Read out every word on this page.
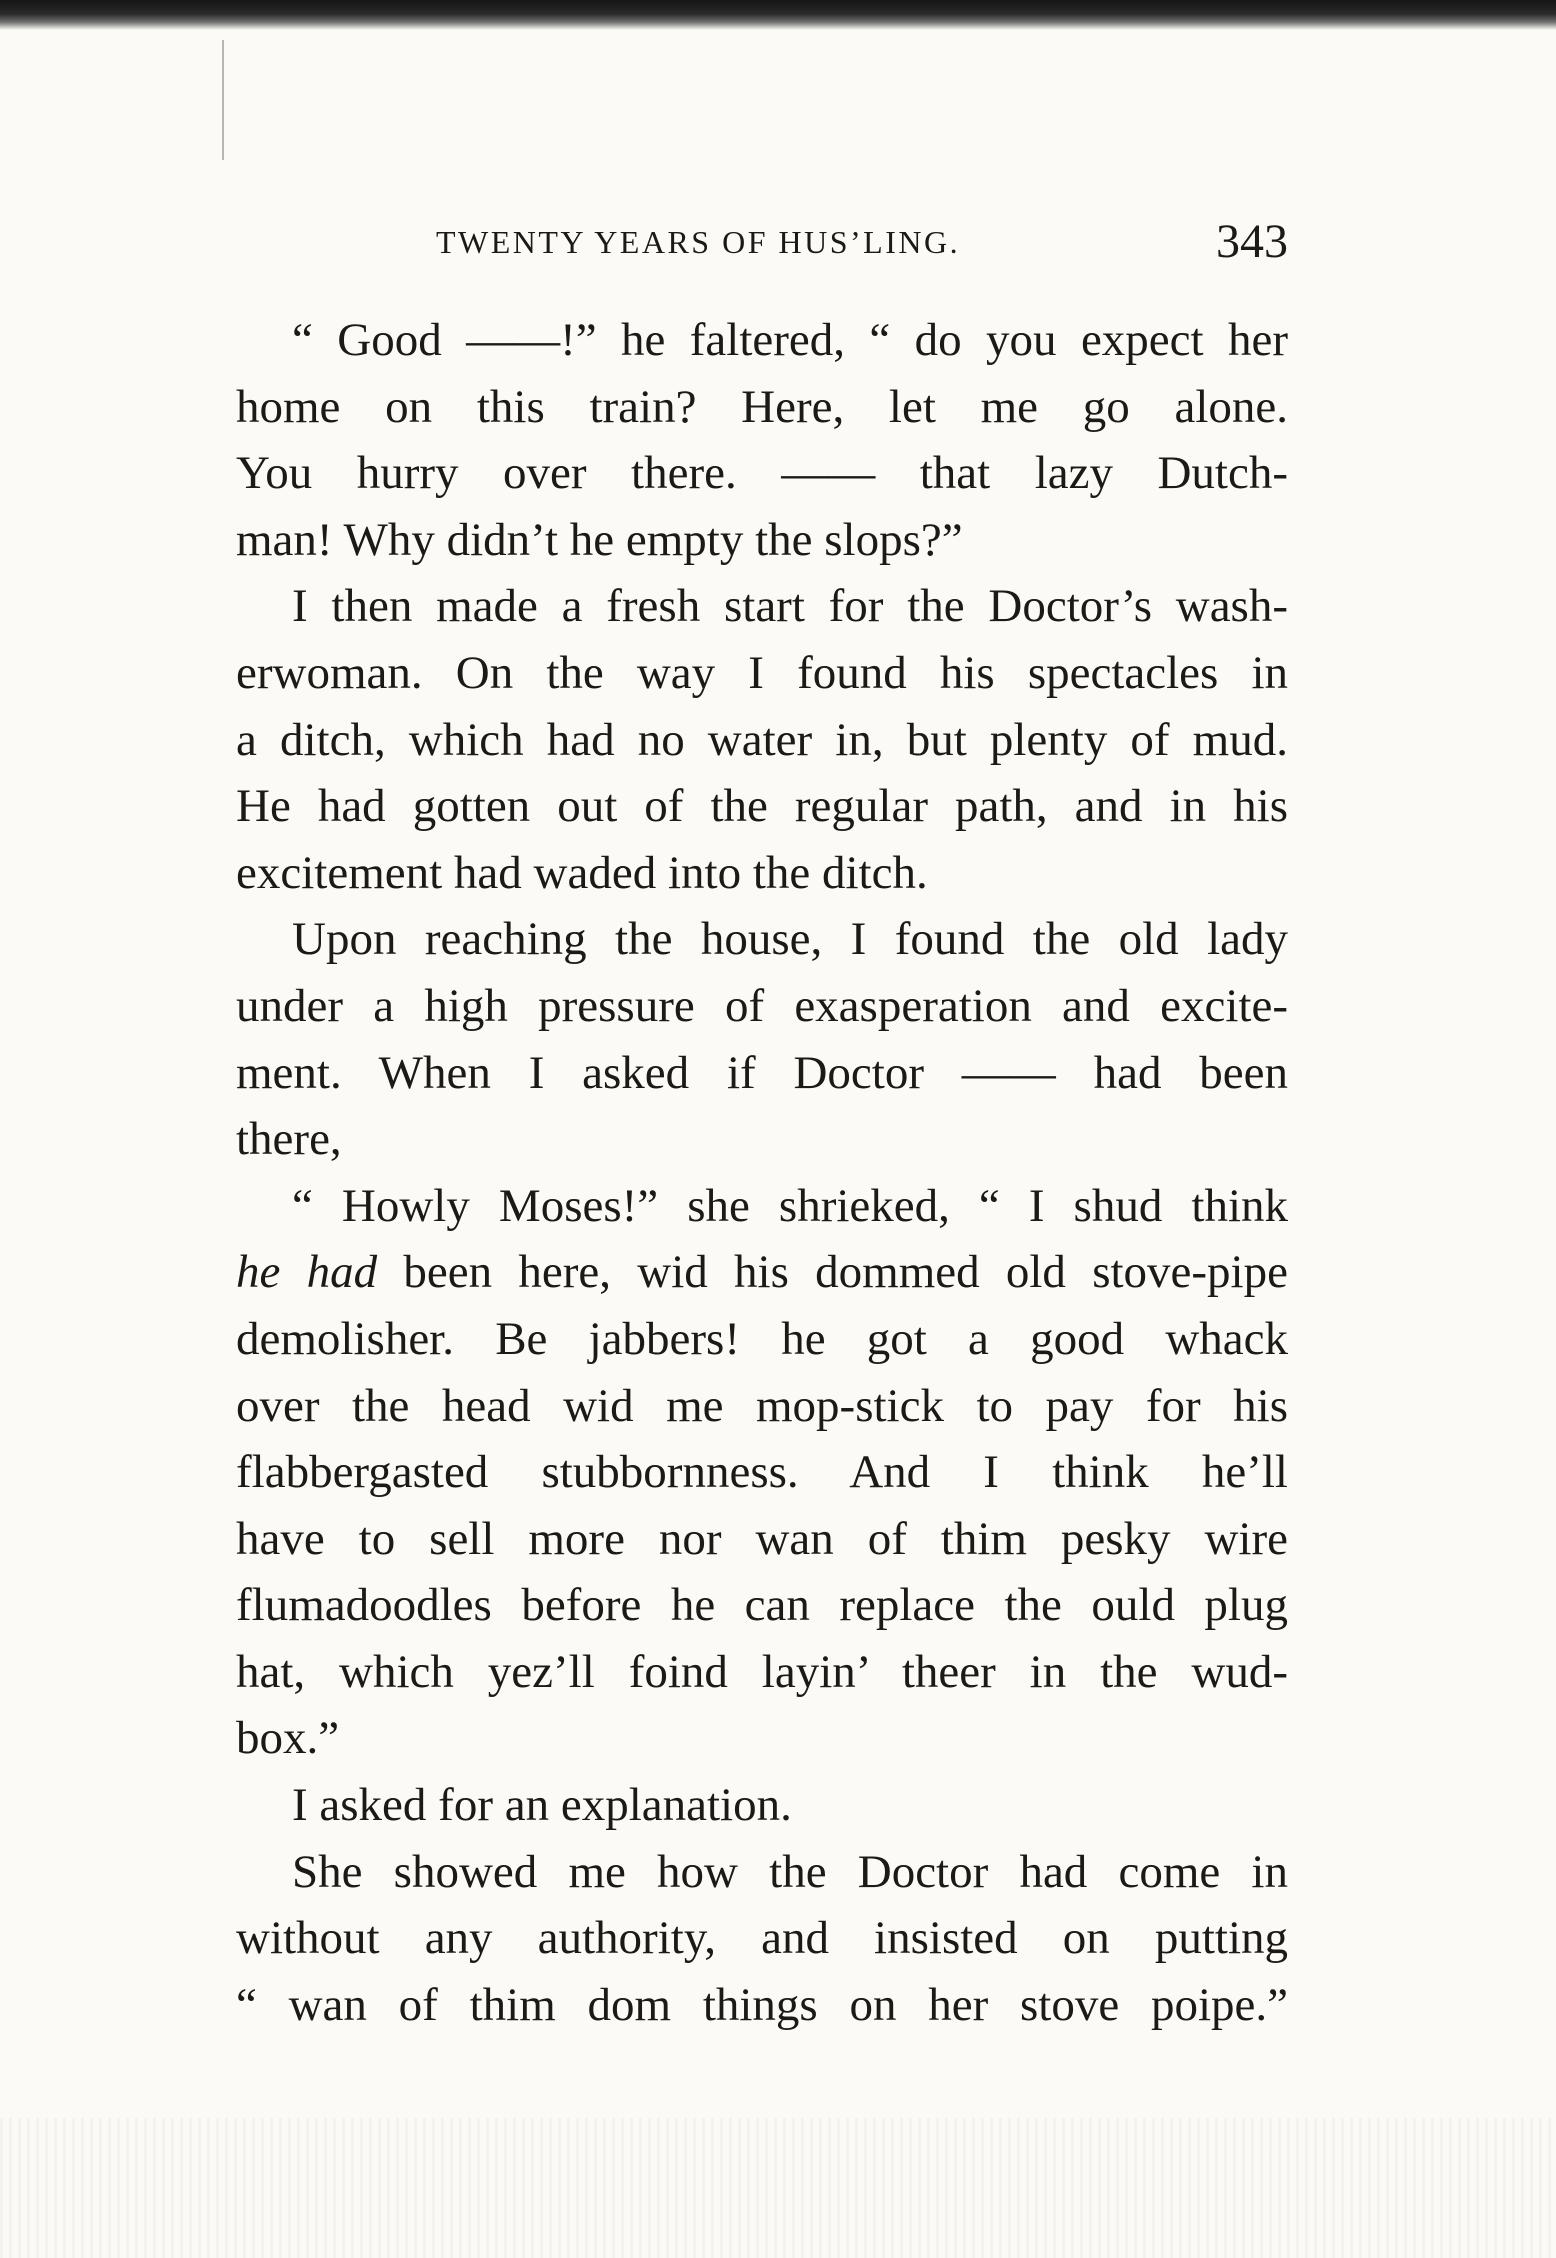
TWENTY YEARS OF HUS’LING.	343
“ Good ——!” he faltered, “ do you expect her
home on this train? Here, let me go alone.
You hurry over there. —— that lazy Dutch-
man! Why didn’t he empty the slops?”
I then made a fresh start for the Doctor’s wash-
erwoman. On the way I found his spectacles in
a ditch, which had no water in, but plenty of mud.
He had gotten out of the regular path, and in his
excitement had waded into the ditch.
Upon reaching the house, I found the old lady
under a high pressure of exasperation and excite-
ment. When I asked if Doctor —— had been
there,
“ Howly Moses!” she shrieked, “ I shud think
he had been here, wid his dommed old stove-pipe
demolisher. Be jabbers! he got a good whack
over the head wid me mop-stick to pay for his
flabbergasted stubbornness. And I think he’ll
have to sell more nor wan of thim pesky wire
flumadoodles before he can replace the ould plug
hat, which yez’ll foind layin’ theer in the wud-
box.”
I asked for an explanation.
She showed me how the Doctor had come in
without any authority, and insisted on putting
“ wan of thim dom things on her stove poipe.”
